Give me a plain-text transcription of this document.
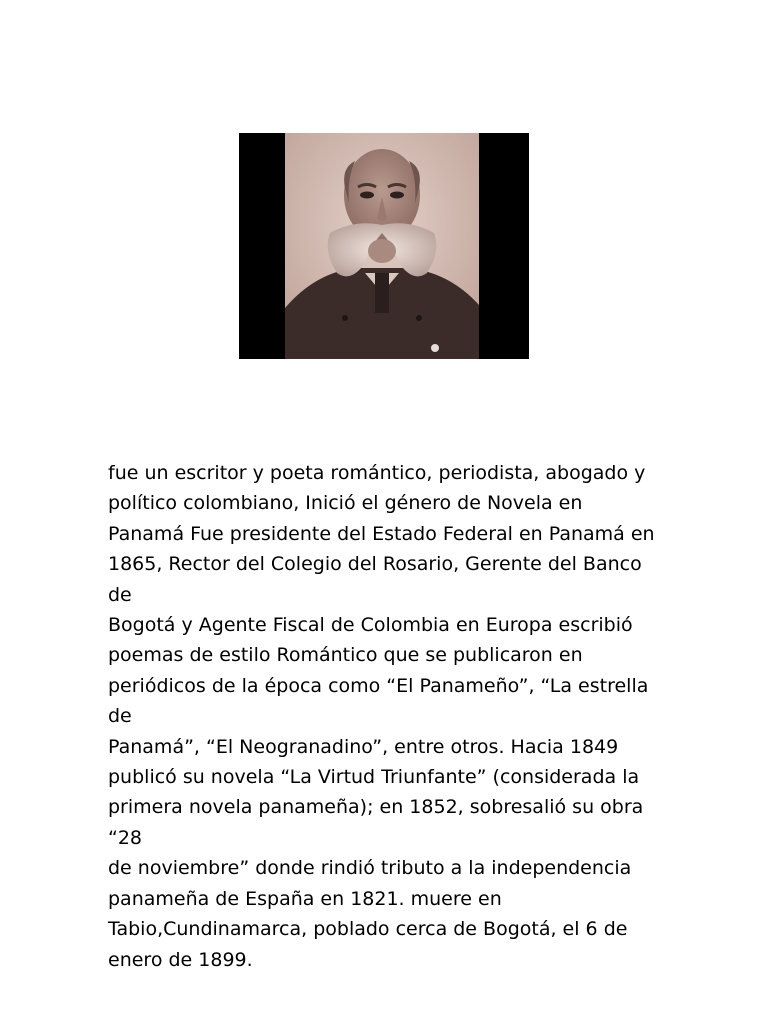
fue un escritor y poeta romántico, periodista, abogado y
político colombiano, Inició el género de Novela en
Panamá Fue presidente del Estado Federal en Panamá en
1865, Rector del Colegio del Rosario, Gerente del Banco de
Bogotá y Agente Fiscal de Colombia en Europa escribió
poemas de estilo Romántico que se publicaron en
periódicos de la época como “El Panameño”, “La estrella de
Panamá”, “El Neogranadino”, entre otros. Hacia 1849
publicó su novela “La Virtud Triunfante” (considerada la
primera novela panameña); en 1852, sobresalió su obra “28
de noviembre” donde rindió tributo a la independencia
panameña de España en 1821. muere en
Tabio,Cundinamarca, poblado cerca de Bogotá, el 6 de
enero de 1899.
